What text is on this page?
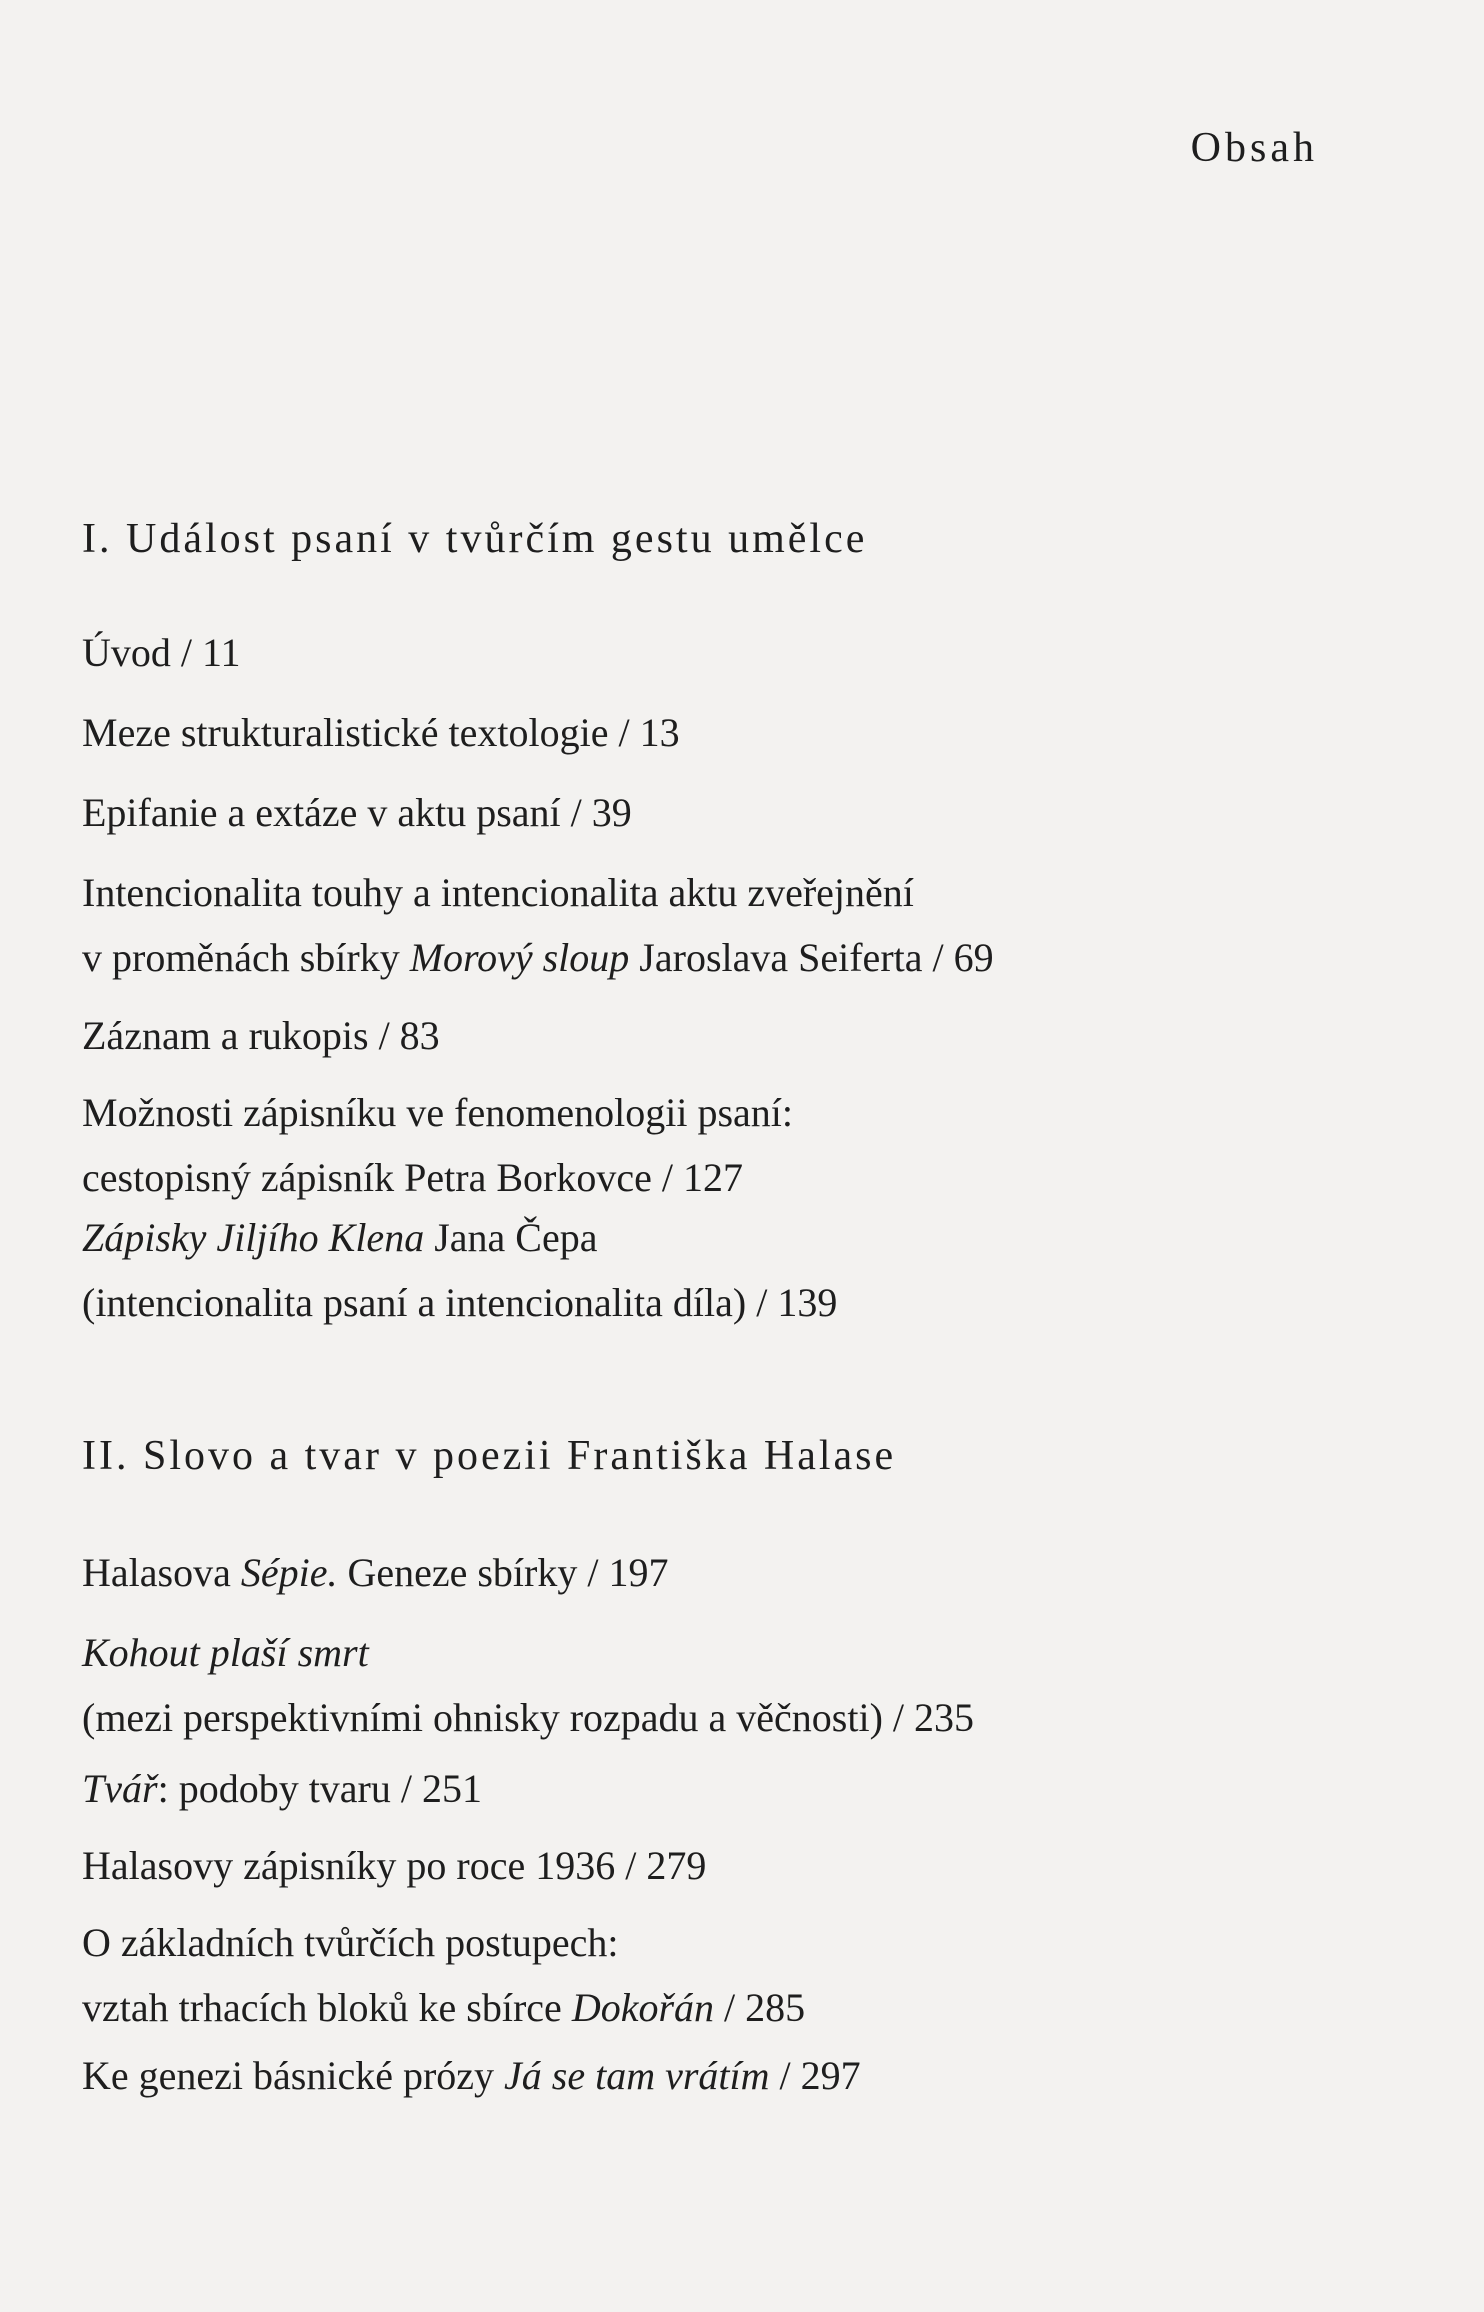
Obsah
I. Událost psaní v tvůrčím gestu umělce
Úvod / 11
Meze strukturalistické textologie / 13
Epifanie a extáze v aktu psaní / 39
Intencionalita touhy a intencionalita aktu zveřejnění
v proměnách sbírky Morový sloup Jaroslava Seiferta / 69
Záznam a rukopis / 83
Možnosti zápisníku ve fenomenologii psaní:
cestopisný zápisník Petra Borkovce / 127
Zápisky Jiljího Klena Jana Čepa
(intencionalita psaní a intencionalita díla) / 139
II. Slovo a tvar v poezii Františka Halase
Halasova Sépie. Geneze sbírky / 197
Kohout plaší smrt
(mezi perspektivními ohnisky rozpadu a věčnosti) / 235
Tvář: podoby tvaru / 251
Halasovy zápisníky po roce 1936 / 279
O základních tvůrčích postupech:
vztah trhacích bloků ke sbírce Dokořán / 285
Ke genezi básnické prózy Já se tam vrátím / 297
